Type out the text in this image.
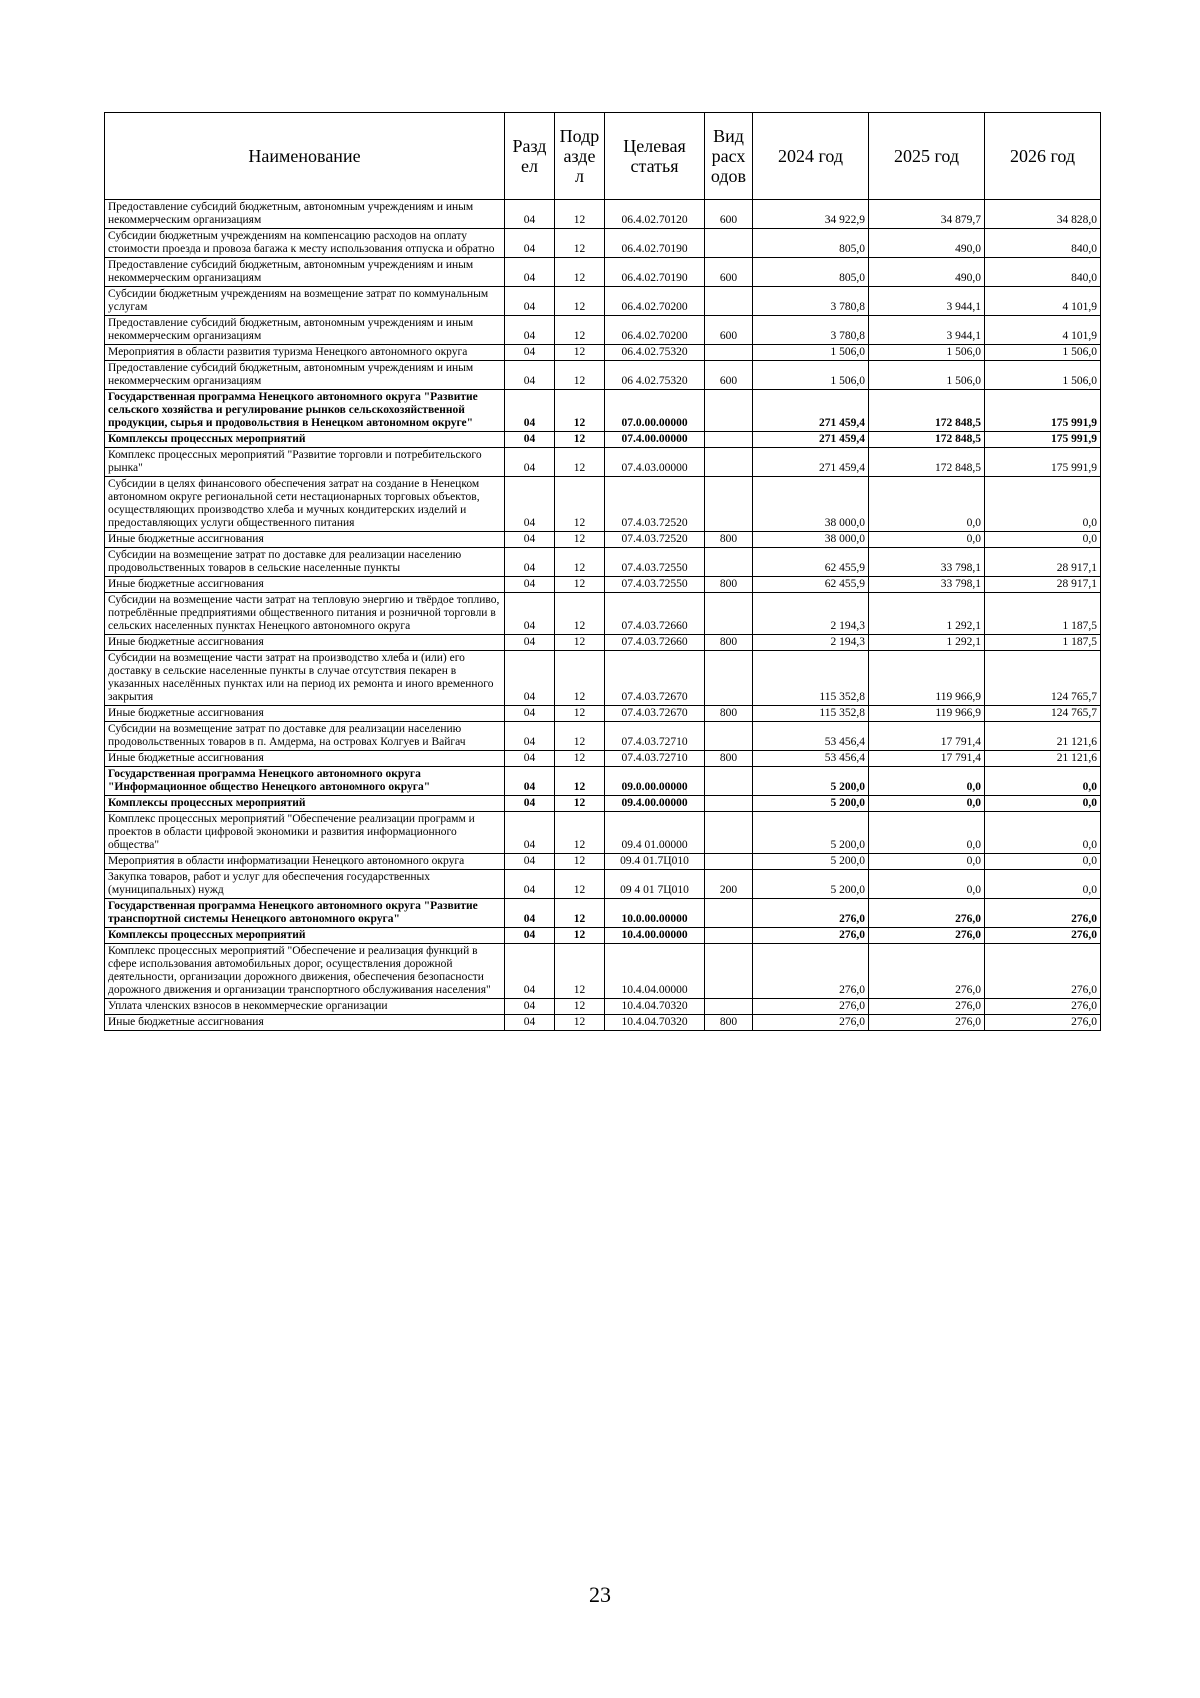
Наименование	Разд ел	Подр азде л	Целевая статья	Вид расх одов	2024 год	2025 год	2026 год
Предоставление субсидий бюджетным, автономным учреждениям и иным некоммерческим организациям	04	12	06.4.02.70120	600	34 922,9	34 879,7	34 828,0
Субсидии бюджетным учреждениям на компенсацию расходов на оплату стоимости проезда и провоза багажа к месту использования отпуска и обратно	04	12	06.4.02.70190		805,0	490,0	840,0
Предоставление субсидий бюджетным, автономным учреждениям и иным некоммерческим организациям	04	12	06.4.02.70190	600	805,0	490,0	840,0
Субсидии бюджетным учреждениям на возмещение затрат по коммунальным услугам	04	12	06.4.02.70200		3 780,8	3 944,1	4 101,9
Предоставление субсидий бюджетным, автономным учреждениям и иным некоммерческим организациям	04	12	06.4.02.70200	600	3 780,8	3 944,1	4 101,9
Мероприятия в области развития туризма Ненецкого автономного округа	04	12	06.4.02.75320		1 506,0	1 506,0	1 506,0
Предоставление субсидий бюджетным, автономным учреждениям и иным некоммерческим организациям	04	12	06 4.02.75320	600	1 506,0	1 506,0	1 506,0
Государственная программа Ненецкого автономного округа "Развитие сельского хозяйства и регулирование рынков сельскохозяйственной продукции, сырья и продовольствия в Ненецком автономном округе"	04	12	07.0.00.00000		271 459,4	172 848,5	175 991,9
Комплексы процессных мероприятий	04	12	07.4.00.00000		271 459,4	172 848,5	175 991,9
Комплекс процессных мероприятий "Развитие торговли и потребительского рынка"	04	12	07.4.03.00000		271 459,4	172 848,5	175 991,9
Субсидии в целях финансового обеспечения затрат на создание в Ненецком автономном округе региональной сети нестационарных торговых объектов, осуществляющих производство хлеба и мучных кондитерских изделий и предоставляющих услуги общественного питания	04	12	07.4.03.72520		38 000,0	0,0	0,0
Иные бюджетные ассигнования	04	12	07.4.03.72520	800	38 000,0	0,0	0,0
Субсидии на возмещение затрат по доставке для реализации населению продовольственных товаров в сельские населенные пункты	04	12	07.4.03.72550		62 455,9	33 798,1	28 917,1
Иные бюджетные ассигнования	04	12	07.4.03.72550	800	62 455,9	33 798,1	28 917,1
Субсидии на возмещение части затрат на тепловую энергию и твёрдое топливо, потреблённые предприятиями общественного питания и розничной торговли в сельских населенных пунктах Ненецкого автономного округа	04	12	07.4.03.72660		2 194,3	1 292,1	1 187,5
Иные бюджетные ассигнования	04	12	07.4.03.72660	800	2 194,3	1 292,1	1 187,5
Субсидии на возмещение части затрат на производство хлеба и (или) его доставку в сельские населенные пункты в случае отсутствия пекарен в указанных населённых пунктах или на период их ремонта и иного временного закрытия	04	12	07.4.03.72670		115 352,8	119 966,9	124 765,7
Иные бюджетные ассигнования	04	12	07.4.03.72670	800	115 352,8	119 966,9	124 765,7
Субсидии на возмещение затрат по доставке для реализации населению продовольственных товаров в п. Амдерма, на островах Колгуев и Вайгач	04	12	07.4.03.72710		53 456,4	17 791,4	21 121,6
Иные бюджетные ассигнования	04	12	07.4.03.72710	800	53 456,4	17 791,4	21 121,6
Государственная программа Ненецкого автономного округа "Информационное общество Ненецкого автономного округа"	04	12	09.0.00.00000		5 200,0	0,0	0,0
Комплексы процессных мероприятий	04	12	09.4.00.00000		5 200,0	0,0	0,0
Комплекс процессных мероприятий "Обеспечение реализации программ и проектов в области цифровой экономики и развития информационного общества"	04	12	09.4 01.00000		5 200,0	0,0	0,0
Мероприятия в области информатизации Ненецкого автономного округа	04	12	09.4 01.7Ц010		5 200,0	0,0	0,0
Закупка товаров, работ и услуг для обеспечения государственных (муниципальных) нужд	04	12	09 4 01 7Ц010	200	5 200,0	0,0	0,0
Государственная программа Ненецкого автономного округа "Развитие транспортной системы Ненецкого автономного округа"	04	12	10.0.00.00000		276,0	276,0	276,0
Комплексы процессных мероприятий	04	12	10.4.00.00000		276,0	276,0	276,0
Комплекс процессных мероприятий "Обеспечение и реализация функций в сфере использования автомобильных дорог, осуществления дорожной деятельности, организации дорожного движения, обеспечения безопасности дорожного движения и организации транспортного обслуживания населения"	04	12	10.4.04.00000		276,0	276,0	276,0
Уплата членских взносов в некоммерческие организации	04	12	10.4.04.70320		276,0	276,0	276,0
Иные бюджетные ассигнования	04	12	10.4.04.70320	800	276,0	276,0	276,0
23
